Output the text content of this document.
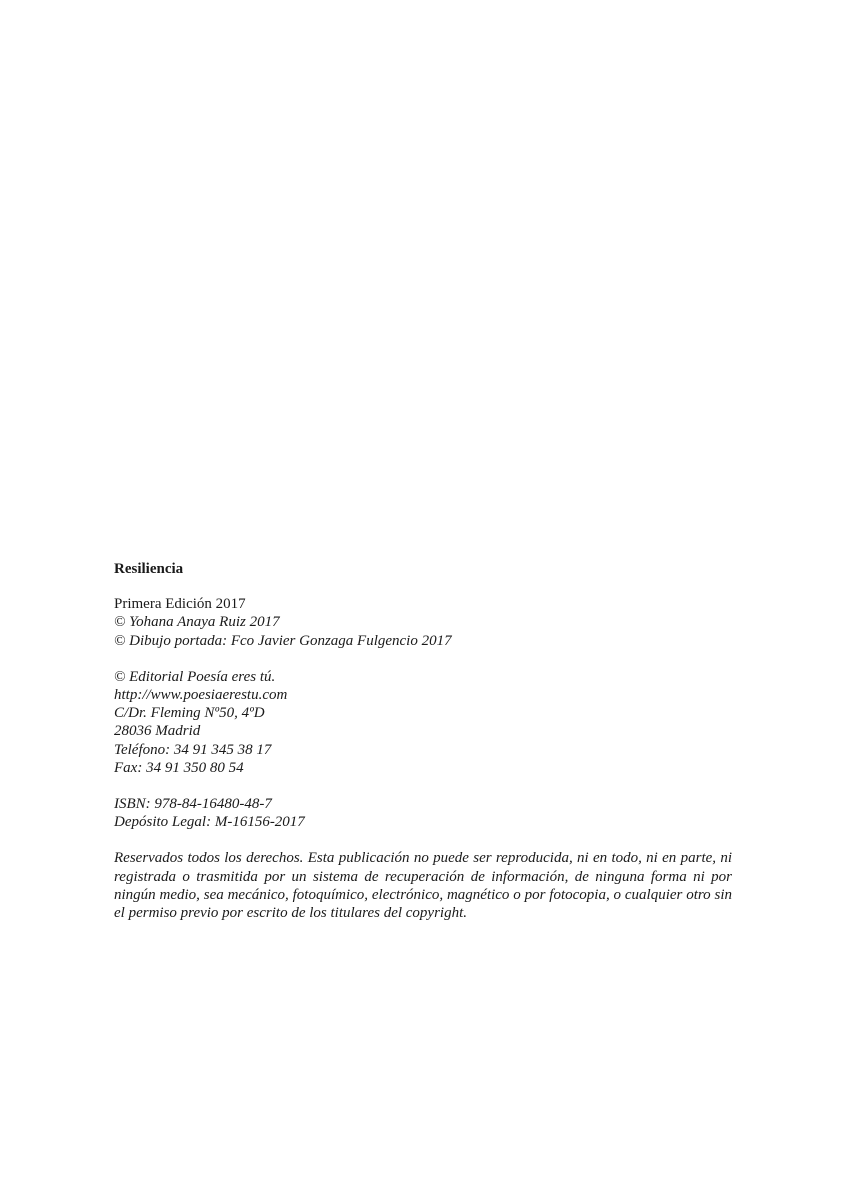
Resiliencia
Primera Edición 2017
© Yohana Anaya Ruiz 2017
© Dibujo portada: Fco Javier Gonzaga Fulgencio 2017
© Editorial Poesía eres tú.
http://www.poesiaerestu.com
C/Dr. Fleming Nº50, 4ºD
28036 Madrid
Teléfono: 34 91 345 38 17
Fax: 34 91 350 80 54
ISBN: 978-84-16480-48-7
Depósito Legal: M-16156-2017

Reservados todos los derechos. Esta publicación no puede ser reproducida, ni en todo, ni en parte, ni registrada o trasmitida por un sistema de recuperación de información, de ninguna forma ni por ningún medio, sea mecánico, fotoquímico, electrónico, magnético o por fotocopia, o cualquier otro sin el permiso previo por escrito de los titulares del copyright.
